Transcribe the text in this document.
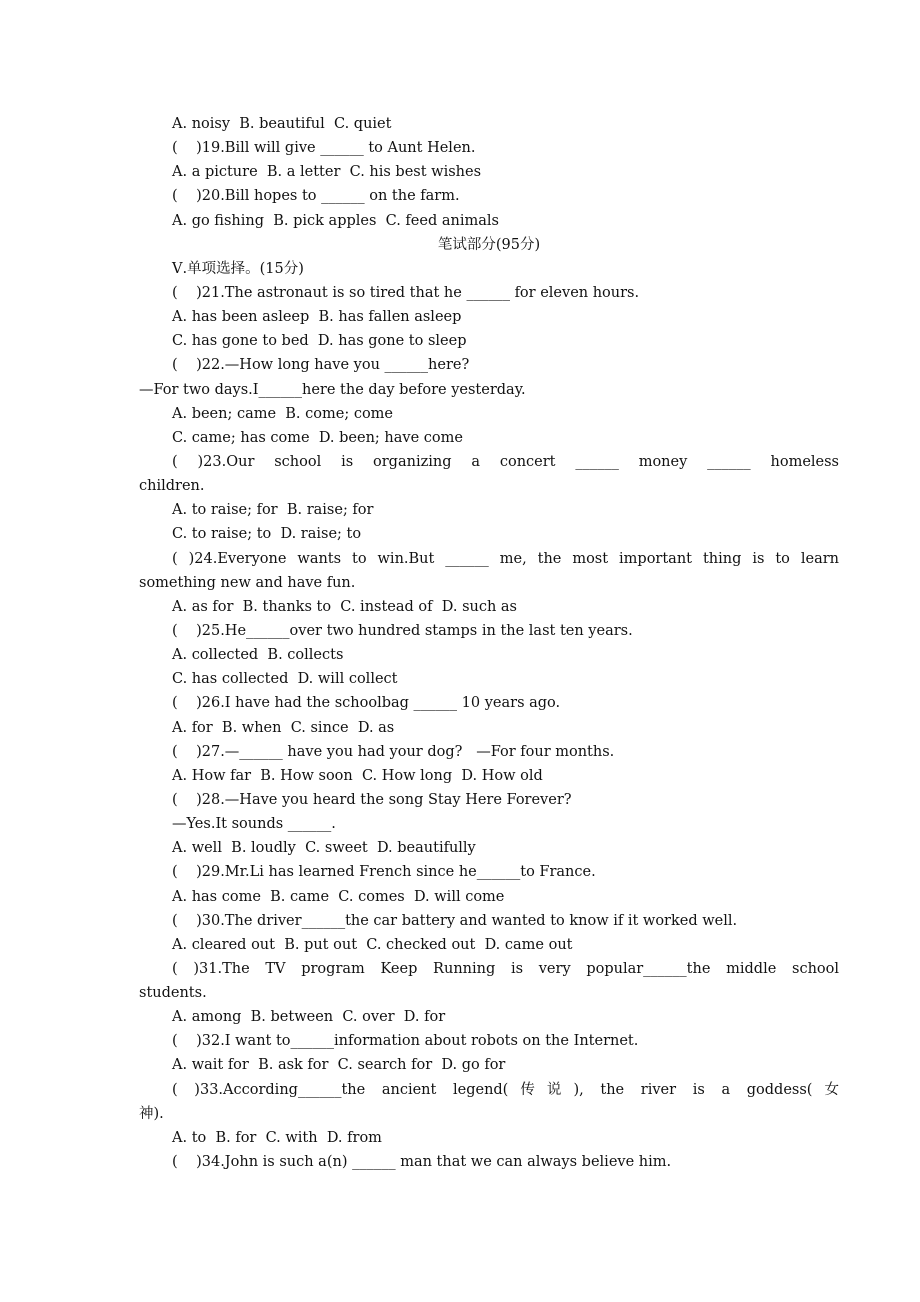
A. noisy  B. beautiful  C. quiet
(    )19.Bill will give ______ to Aunt Helen.
A. a picture  B. a letter  C. his best wishes
(    )20.Bill hopes to ______ on the farm.
A. go fishing  B. pick apples  C. feed animals
笔试部分(95分)
Ⅴ.单项选择。(15分)
(    )21.The astronaut is so tired that he ______ for eleven hours.
A. has been asleep  B. has fallen asleep
C. has gone to bed  D. has gone to sleep
(    )22.—How long have you ______here?
—For two days.I______here the day before yesterday.
A. been; came  B. come; come
C. came; has come  D. been; have come
( )23.Our school is organizing a concert ______ money ______ homeless
children.
A. to raise; for  B. raise; for
C. to raise; to  D. raise; to
( )24.Everyone wants to win.But ______ me, the most important thing is to learn
something new and have fun.
A. as for  B. thanks to  C. instead of  D. such as
(    )25.He______over two hundred stamps in the last ten years.
A. collected  B. collects
C. has collected  D. will collect
(    )26.I have had the schoolbag ______ 10 years ago.
A. for  B. when  C. since  D. as
(    )27.—______ have you had your dog?   —For four months.
A. How far  B. How soon  C. How long  D. How old
(    )28.—Have you heard the song Stay Here Forever?
—Yes.It sounds ______.
A. well  B. loudly  C. sweet  D. beautifully
(    )29.Mr.Li has learned French since he______to France.
A. has come  B. came  C. comes  D. will come
(    )30.The driver______the car battery and wanted to know if it worked well.
A. cleared out  B. put out  C. checked out  D. came out
( )31.The TV program Keep Running is very popular______the middle school
students.
A. among  B. between  C. over  D. for
(    )32.I want to______information about robots on the Internet.
A. wait for  B. ask for  C. search for  D. go for
( )33.According______the ancient legend(传说), the river is a goddess(女
神).
A. to  B. for  C. with  D. from
(    )34.John is such a(n) ______ man that we can always believe him.
